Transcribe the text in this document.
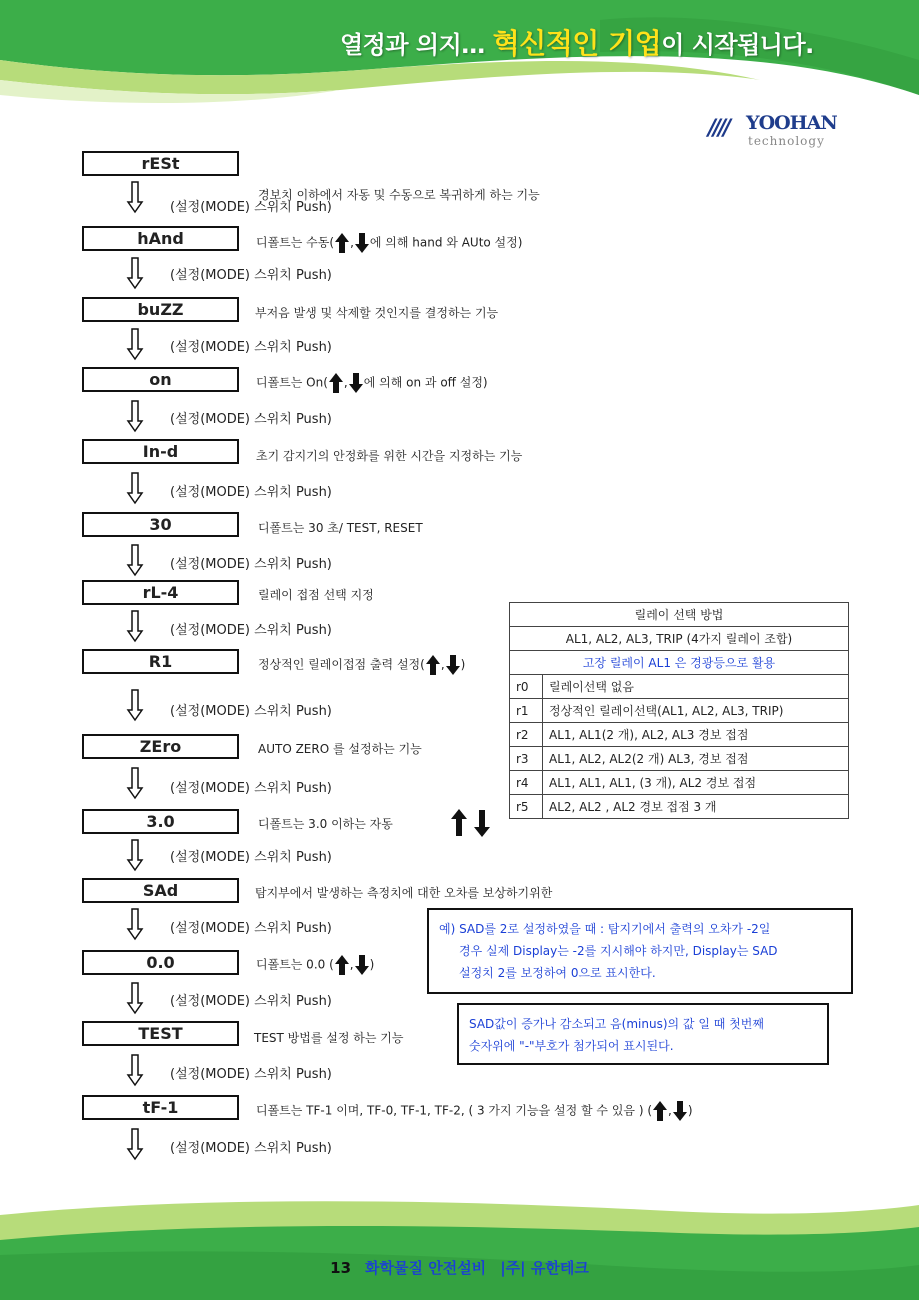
열정과 의지… 혁신적인 기업이 시작됩니다.
//// YOOHAN
technology
rESt
hAnd
buZZ
on
In-d
30
rL-4
R1
ZEro
3.0
SAd
0.0
TEST
tF-1
경보치 이하에서 자동 및 수동으로 복귀하게 하는 기능
디폴트는 수동( , 에 의해 hand 와 AUto 설정)
부저음 발생 및 삭제할 것인지를 결정하는 기능
디폴트는 On( , 에 의해 on 과 off 설정)
초기 감지기의 안정화를 위한 시간을 지정하는 기능
디폴트는 30 초/ TEST, RESET
릴레이 접점 선택 지정
정상적인 릴레이접점 출력 설정( , )
AUTO ZERO 를 설정하는 기능
디폴트는 3.0 이하는 자동
탐지부에서 발생하는 측정치에 대한 오차를 보상하기위한
디폴트는 0.0 ( , )
TEST 방법를 설정 하는 기능
디폴트는 TF-1 이며, TF-0, TF-1, TF-2, ( 3 가지 기능을 설정 할 수 있음 ) ( , )
(설정(MODE) 스위치 Push)
(설정(MODE) 스위치 Push)
(설정(MODE) 스위치 Push)
(설정(MODE) 스위치 Push)
(설정(MODE) 스위치 Push)
(설정(MODE) 스위치 Push)
(설정(MODE) 스위치 Push)
(설정(MODE) 스위치 Push)
(설정(MODE) 스위치 Push)
(설정(MODE) 스위치 Push)
(설정(MODE) 스위치 Push)
(설정(MODE) 스위치 Push)
(설정(MODE) 스위치 Push)
(설정(MODE) 스위치 Push)
릴레이 선택 방법	
AL1, AL2, AL3, TRIP (4가지 릴레이 조합)	
고장 릴레이 AL1 은 경광등으로 활용	
r0	릴레이선택 없음
r1	정상적인 릴레이선택(AL1, AL2, AL3, TRIP)
r2	AL1, AL1(2 개), AL2, AL3 경보 접점
r3	AL1, AL2, AL2(2 개) AL3, 경보 접점
r4	AL1, AL1, AL1, (3 개), AL2 경보 접점
r5	AL2, AL2 , AL2 경보 접점 3 개
예) SAD를 2로 설정하였을 때 : 탐지기에서 출력의 오차가 -2일
경우 실제 Display는 -2를 지시해야 하지만, Display는 SAD
설정치 2를 보정하여 0으로 표시한다.
SAD값이 증가나 감소되고 음(minus)의 값 일 때 첫번째
숫자위에 "-"부호가 첨가되어 표시된다.
13 화학물질 안전설비 |주| 유한테크
